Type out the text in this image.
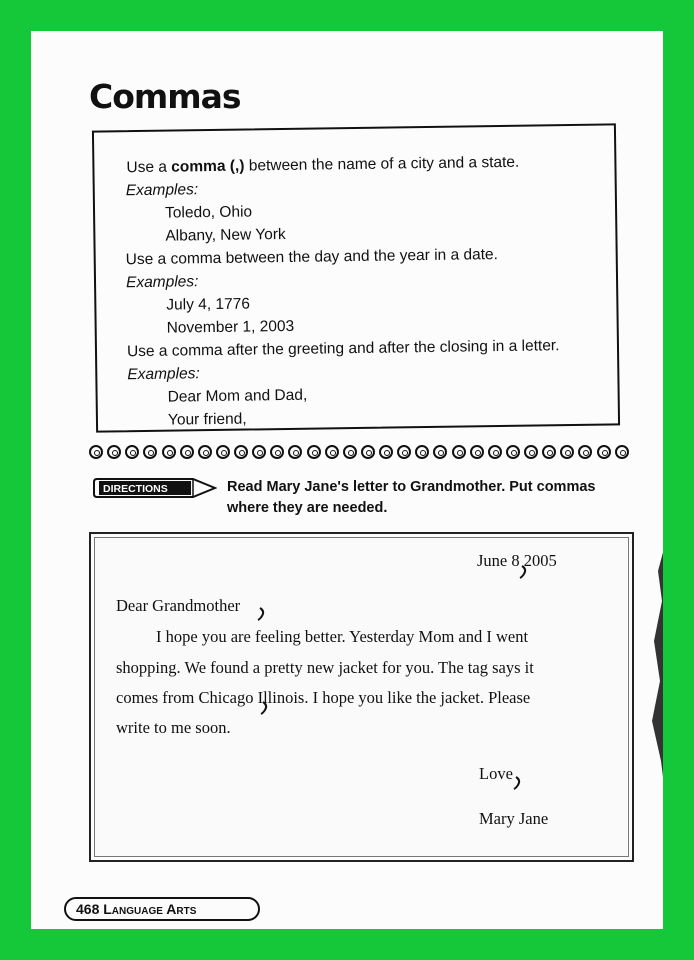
Commas
Use a comma (,) between the name of a city and a state.
Examples:
Toledo, Ohio
Albany, New York
Use a comma between the day and the year in a date.
Examples:
July 4, 1776
November 1, 2003
Use a comma after the greeting and after the closing in a letter.
Examples:
Dear Mom and Dad,
Your friend,
DIRECTIONS	Read Mary Jane's letter to Grandmother. Put commas where they are needed.
June 8 2005
Dear Grandmother
I hope you are feeling better. Yesterday Mom and I went
shopping. We found a pretty new jacket for you. The tag says it
comes from Chicago Illinois. I hope you like the jacket. Please
write to me soon.
Love
Mary Jane
468 Language Arts
